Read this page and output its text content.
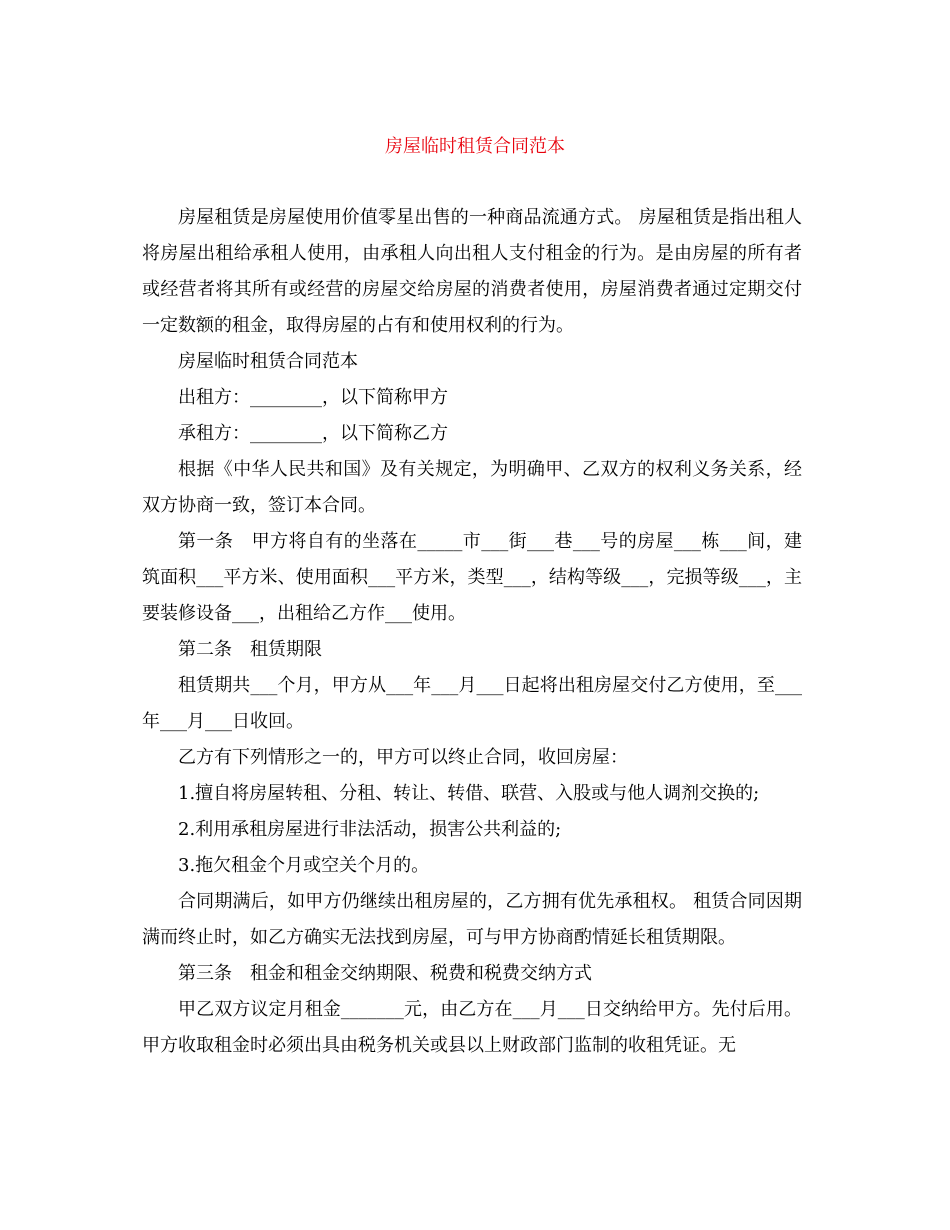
房屋临时租赁合同范本

房屋租赁是房屋使用价值零星出售的一种商品流通方式。 房屋租赁是指出租人将房屋出租给承租人使用，由承租人向出租人支付租金的行为。是由房屋的所有者或经营者将其所有或经营的房屋交给房屋的消费者使用，房屋消费者通过定期交付一定数额的租金，取得房屋的占有和使用权利的行为。

房屋临时租赁合同范本

出租方：________，以下简称甲方

承租方：________，以下简称乙方

根据《中华人民共和国》及有关规定，为明确甲、乙双方的权利义务关系，经双方协商一致，签订本合同。

第一条　甲方将自有的坐落在_____市___街___巷___号的房屋___栋___间，建筑面积___平方米、使用面积___平方米，类型___，结构等级___，完损等级___，主要装修设备___，出租给乙方作___使用。

第二条　租赁期限

租赁期共___个月，甲方从___年___月___日起将出租房屋交付乙方使用，至___年___月___日收回。

乙方有下列情形之一的，甲方可以终止合同，收回房屋：

1.擅自将房屋转租、分租、转让、转借、联营、入股或与他人调剂交换的;

2.利用承租房屋进行非法活动，损害公共利益的;

3.拖欠租金个月或空关个月的。

合同期满后，如甲方仍继续出租房屋的，乙方拥有优先承租权。 租赁合同因期满而终止时，如乙方确实无法找到房屋，可与甲方协商酌情延长租赁期限。

第三条　租金和租金交纳期限、税费和税费交纳方式

甲乙双方议定月租金_______元，由乙方在___月___日交纳给甲方。先付后用。甲方收取租金时必须出具由税务机关或县以上财政部门监制的收租凭证。无
